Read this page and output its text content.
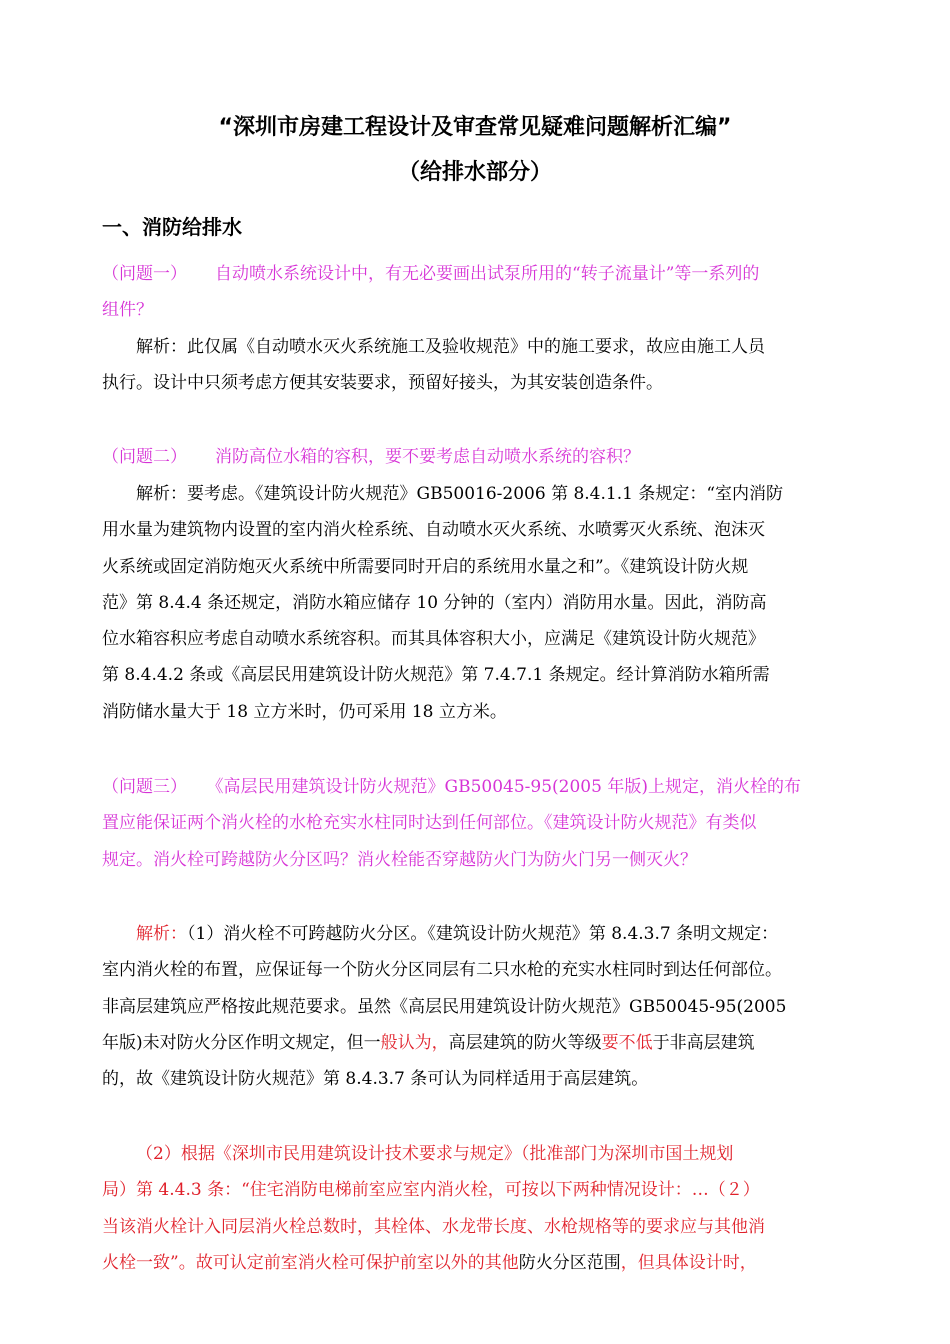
“深圳市房建工程设计及审查常见疑难问题解析汇编”
（给排水部分）
一、消防给排水
（问题一） 自动喷水系统设计中，有无必要画出试泵所用的“转子流量计”等一系列的
组件？
解析：此仅属《自动喷水灭火系统施工及验收规范》中的施工要求，故应由施工人员
执行。设计中只须考虑方便其安装要求，预留好接头，为其安装创造条件。
（问题二） 消防高位水箱的容积，要不要考虑自动喷水系统的容积？
解析：要考虑。《建筑设计防火规范》GB50016-2006 第 8.4.1.1 条规定：“室内消防
用水量为建筑物内设置的室内消火栓系统、自动喷水灭火系统、水喷雾灭火系统、泡沫灭
火系统或固定消防炮灭火系统中所需要同时开启的系统用水量之和”。《建筑设计防火规
范》第 8.4.4 条还规定，消防水箱应储存 10 分钟的（室内）消防用水量。因此，消防高
位水箱容积应考虑自动喷水系统容积。而其具体容积大小，应满足《建筑设计防火规范》
第 8.4.4.2 条或《高层民用建筑设计防火规范》第 7.4.7.1 条规定。经计算消防水箱所需
消防储水量大于 18 立方米时，仍可采用 18 立方米。
（问题三） 《高层民用建筑设计防火规范》GB50045-95(2005 年版)上规定，消火栓的布
置应能保证两个消火栓的水枪充实水柱同时达到任何部位。《建筑设计防火规范》有类似
规定。消火栓可跨越防火分区吗？消火栓能否穿越防火门为防火门另一侧灭火？
解析：（1）消火栓不可跨越防火分区。《建筑设计防火规范》第 8.4.3.7 条明文规定：
室内消火栓的布置，应保证每一个防火分区同层有二只水枪的充实水柱同时到达任何部位。
非高层建筑应严格按此规范要求。虽然《高层民用建筑设计防火规范》GB50045-95(2005
年版)未对防火分区作明文规定，但一般认为，高层建筑的防火等级要不低于非高层建筑
的，故《建筑设计防火规范》第 8.4.3.7 条可认为同样适用于高层建筑。
（2）根据《深圳市民用建筑设计技术要求与规定》（批准部门为深圳市国土规划
局）第 4.4.3 条：“住宅消防电梯前室应室内消火栓，可按以下两种情况设计：…（２）
当该消火栓计入同层消火栓总数时，其栓体、水龙带长度、水枪规格等的要求应与其他消
火栓一致”。故可认定前室消火栓可保护前室以外的其他防火分区范围，但具体设计时，
